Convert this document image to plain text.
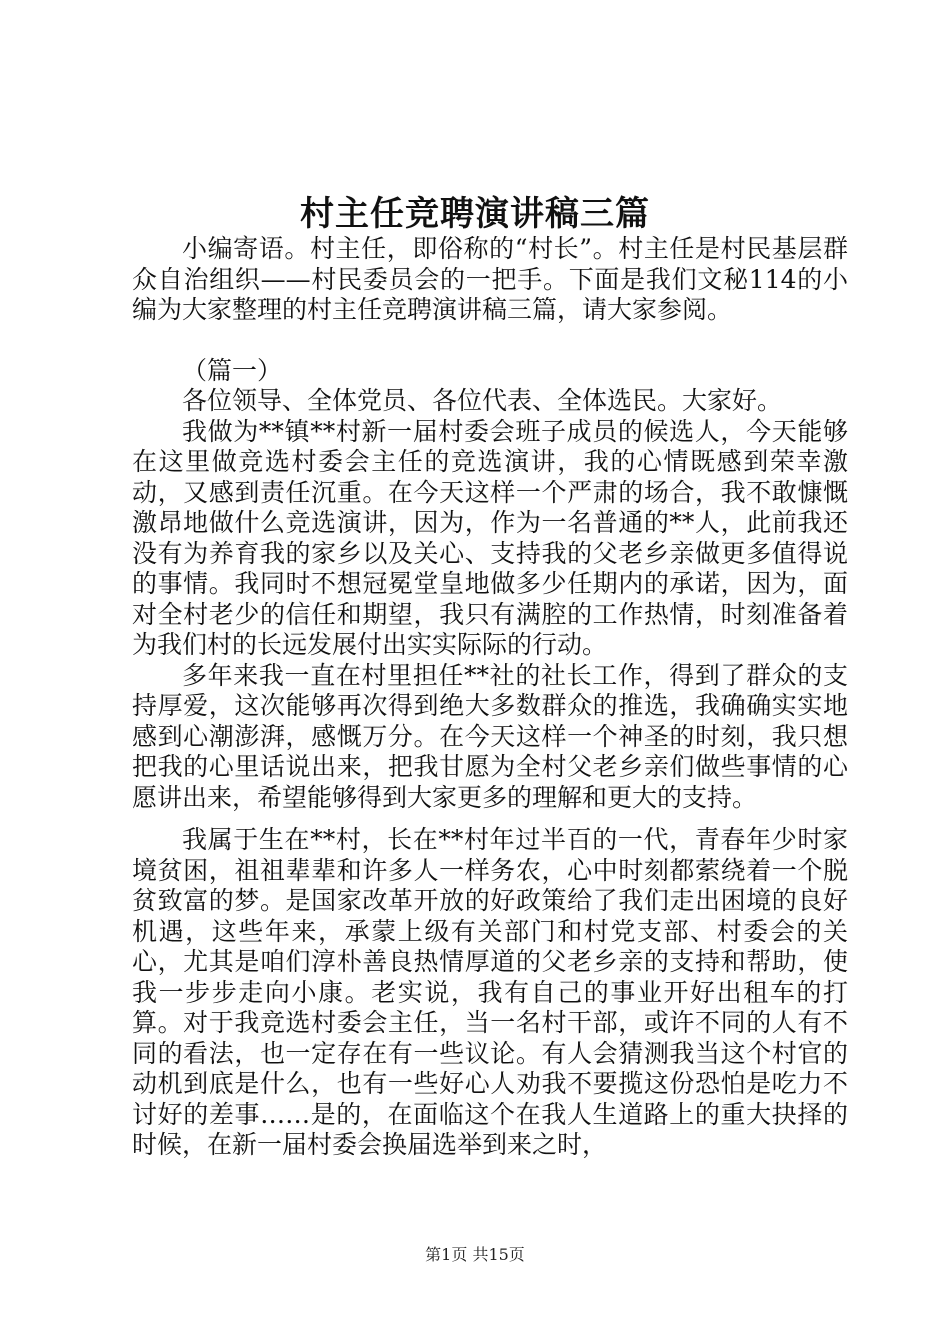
村主任竞聘演讲稿三篇

小编寄语。村主任，即俗称的“村长”。村主任是村民基层群众自治组织——村民委员会的一把手。下面是我们文秘114的小编为大家整理的村主任竞聘演讲稿三篇，请大家参阅。

（篇一）

各位领导、全体党员、各位代表、全体选民。大家好。

我做为**镇**村新一届村委会班子成员的候选人，今天能够在这里做竞选村委会主任的竞选演讲，我的心情既感到荣幸激动，又感到责任沉重。在今天这样一个严肃的场合，我不敢慷慨激昂地做什么竞选演讲，因为，作为一名普通的**人，此前我还没有为养育我的家乡以及关心、支持我的父老乡亲做更多值得说的事情。我同时不想冠冕堂皇地做多少任期内的承诺，因为，面对全村老少的信任和期望，我只有满腔的工作热情，时刻准备着为我们村的长远发展付出实实际际的行动。

多年来我一直在村里担任**社的社长工作，得到了群众的支持厚爱，这次能够再次得到绝大多数群众的推选，我确确实实地感到心潮澎湃，感慨万分。在今天这样一个神圣的时刻，我只想把我的心里话说出来，把我甘愿为全村父老乡亲们做些事情的心愿讲出来，希望能够得到大家更多的理解和更大的支持。

我属于生在**村，长在**村年过半百的一代，青春年少时家境贫困，祖祖辈辈和许多人一样务农，心中时刻都萦绕着一个脱贫致富的梦。是国家改革开放的好政策给了我们走出困境的良好机遇，这些年来，承蒙上级有关部门和村党支部、村委会的关心，尤其是咱们淳朴善良热情厚道的父老乡亲的支持和帮助，使我一步步走向小康。老实说，我有自己的事业开好出租车的打算。对于我竞选村委会主任，当一名村干部，或许不同的人有不同的看法，也一定存在有一些议论。有人会猜测我当这个村官的动机到底是什么，也有一些好心人劝我不要揽这份恐怕是吃力不讨好的差事……是的，在面临这个在我人生道路上的重大抉择的时候，在新一届村委会换届选举到来之时，

第1页 共15页
